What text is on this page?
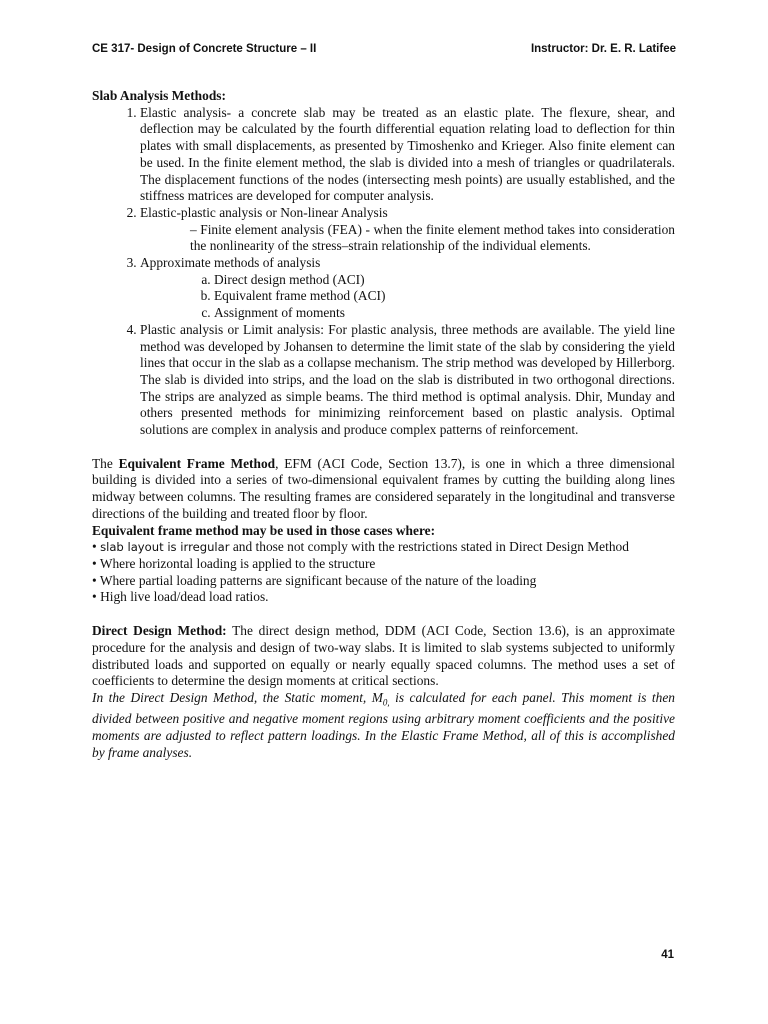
CE 317- Design of Concrete Structure – II	Instructor: Dr. E. R. Latifee

Slab Analysis Methods:

1. Elastic analysis- a concrete slab may be treated as an elastic plate. The flexure, shear, and deflection may be calculated by the fourth differential equation relating load to deflection for thin plates with small displacements, as presented by Timoshenko and Krieger. Also finite element can be used. In the finite element method, the slab is divided into a mesh of triangles or quadrilaterals. The displacement functions of the nodes (intersecting mesh points) are usually established, and the stiffness matrices are developed for computer analysis.
2. Elastic-plastic analysis or Non-linear Analysis
– Finite element analysis (FEA) - when the finite element method takes into consideration the nonlinearity of the stress–strain relationship of the individual elements.
3. Approximate methods of analysis
a. Direct design method (ACI)
b. Equivalent frame method (ACI)
c. Assignment of moments
4. Plastic analysis or Limit analysis: For plastic analysis, three methods are available. The yield line method was developed by Johansen to determine the limit state of the slab by considering the yield lines that occur in the slab as a collapse mechanism. The strip method was developed by Hillerborg. The slab is divided into strips, and the load on the slab is distributed in two orthogonal directions. The strips are analyzed as simple beams. The third method is optimal analysis. Dhir, Munday and others presented methods for minimizing reinforcement based on plastic analysis. Optimal solutions are complex in analysis and produce complex patterns of reinforcement.

The Equivalent Frame Method, EFM (ACI Code, Section 13.7), is one in which a three dimensional building is divided into a series of two-dimensional equivalent frames by cutting the building along lines midway between columns. The resulting frames are considered separately in the longitudinal and transverse directions of the building and treated floor by floor.

Equivalent frame method may be used in those cases where:

• slab layout is irregular and those not comply with the restrictions stated in Direct Design Method
• Where horizontal loading is applied to the structure
• Where partial loading patterns are significant because of the nature of the loading
• High live load/dead load ratios.

Direct Design Method: The direct design method, DDM (ACI Code, Section 13.6), is an approximate procedure for the analysis and design of two-way slabs. It is limited to slab systems subjected to uniformly distributed loads and supported on equally or nearly equally spaced columns. The method uses a set of coefficients to determine the design moments at critical sections.

In the Direct Design Method, the Static moment, $M_{0,}$ is calculated for each panel. This moment is then divided between positive and negative moment regions using arbitrary moment coefficients and the positive moments are adjusted to reflect pattern loadings. In the Elastic Frame Method, all of this is accomplished by frame analyses.

41
